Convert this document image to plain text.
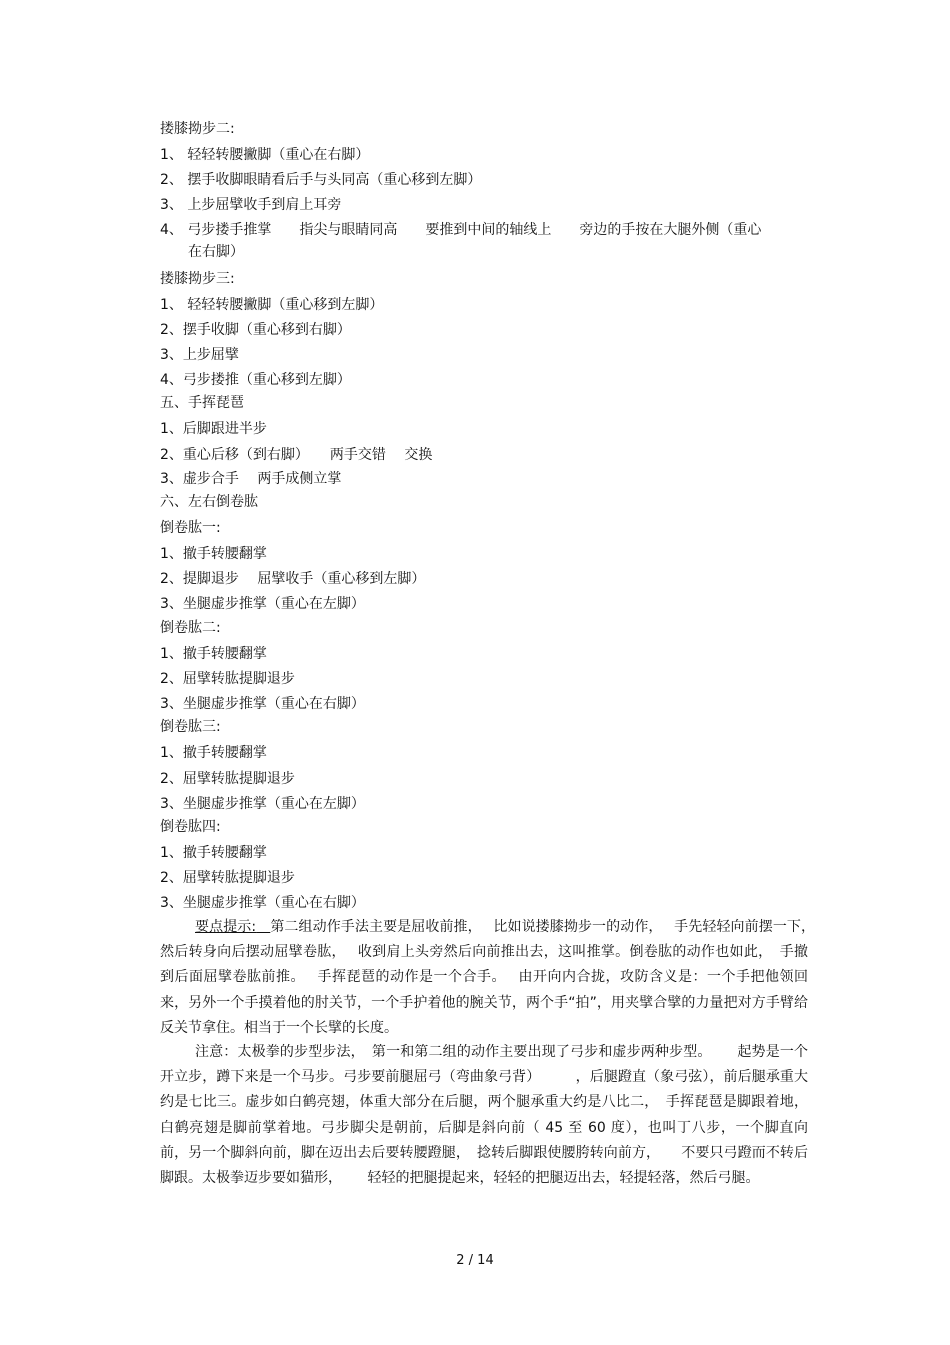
搂膝拗步二:
1、 轻轻转腰撇脚（重心在右脚）
2、 摆手收脚眼睛看后手与头同高（重心移到左脚）
3、 上步屈擘收手到肩上耳旁
4、 弓步搂手推掌　　指尖与眼睛同高　　要推到中间的轴线上　　旁边的手按在大腿外侧（重心
在右脚）
搂膝拗步三:
1、 轻轻转腰撇脚（重心移到左脚）
2、摆手收脚（重心移到右脚）
3、上步屈擘
4、弓步搂推（重心移到左脚）
五、手挥琵琶
1、后脚跟进半步
2、重心后移（到右脚）　　两手交错　 交换
3、虚步合手　 两手成侧立掌
六、左右倒卷肱
倒卷肱一:
1、撤手转腰翻掌
2、提脚退步　 屈擘收手（重心移到左脚）
3、坐腿虚步推掌（重心在左脚）
倒卷肱二:
1、撤手转腰翻掌
2、屈擘转肱提脚退步
3、坐腿虚步推掌（重心在右脚）
倒卷肱三:
1、撤手转腰翻掌
2、屈擘转肱提脚退步
3、坐腿虚步推掌（重心在左脚）
倒卷肱四:
1、撤手转腰翻掌
2、屈擘转肱提脚退步
3、坐腿虚步推掌（重心在右脚）

要点提示:　 第二组动作手法主要是屈收前推，　 比如说搂膝拗步一的动作，　 手先轻轻向前摆一下，　然后转身向后摆动屈擘卷肱，　 收到肩上头旁然后向前推出去，这叫推掌。倒卷肱的动作也如此，　手撤到后面屈擘卷肱前推。　 手挥琵琶的动作是一个合手。　 由开向内合拢，攻防含义是：一个手把他领回来，另外一个手摸着他的肘关节，一个手护着他的腕关节，两个手“拍”，用夹擘合擘的力量把对方手臂给反关节拿住。相当于一个长擘的长度。

注意：太极拳的步型步法，　第一和第二组的动作主要出现了弓步和虚步两种步型。　　 起势是一个开立步，蹲下来是一个马步。弓步要前腿屈弓（弯曲象弓背）　　　，后腿蹬直（象弓弦），前后腿承重大约是七比三。虚步如白鹤亮翅，体重大部分在后腿，两个腿承重大约是八比二，　手挥琵琶是脚跟着地，白鹤亮翅是脚前掌着地。弓步脚尖是朝前，后脚是斜向前（ 45 至 60 度），也叫丁八步，一个脚直向前，另一个脚斜向前，脚在迈出去后要转腰蹬腿，　捻转后脚跟使腰胯转向前方，　　不要只弓蹬而不转后脚跟。太极拳迈步要如猫形，　　 轻轻的把腿提起来，轻轻的把腿迈出去，轻提轻落，然后弓腿。

2 / 14
